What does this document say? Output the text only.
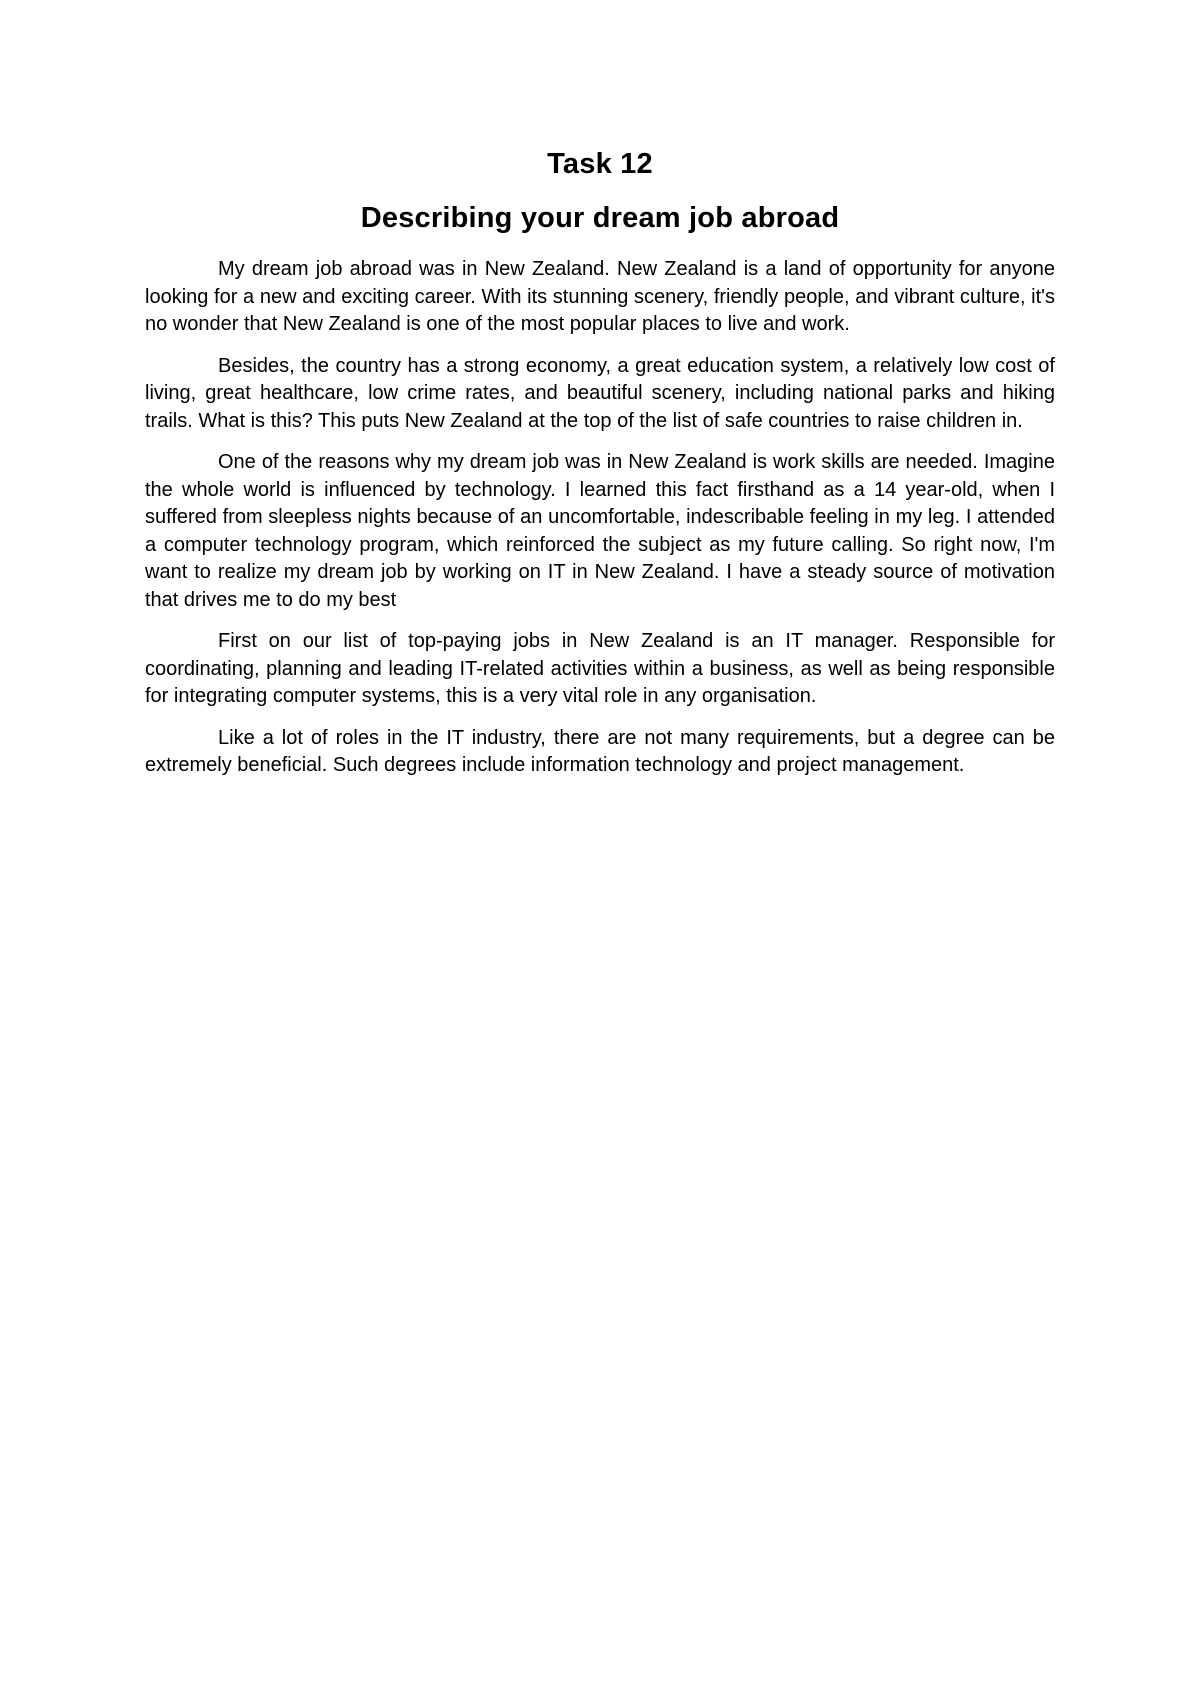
Task 12
Describing your dream job abroad

My dream job abroad was in New Zealand. New Zealand is a land of opportunity for anyone looking for a new and exciting career. With its stunning scenery, friendly people, and vibrant culture, it's no wonder that New Zealand is one of the most popular places to live and work.

Besides, the country has a strong economy, a great education system, a relatively low cost of living, great healthcare, low crime rates, and beautiful scenery, including national parks and hiking trails. What is this? This puts New Zealand at the top of the list of safe countries to raise children in.

One of the reasons why my dream job was in New Zealand is work skills are needed. Imagine the whole world is influenced by technology. I learned this fact firsthand as a 14 year-old, when I suffered from sleepless nights because of an uncomfortable, indescribable feeling in my leg. I attended a computer technology program, which reinforced the subject as my future calling. So right now, I'm want to realize my dream job by working on IT in New Zealand. I have a steady source of motivation that drives me to do my best

First on our list of top-paying jobs in New Zealand is an IT manager. Responsible for coordinating, planning and leading IT-related activities within a business, as well as being responsible for integrating computer systems, this is a very vital role in any organisation.

Like a lot of roles in the IT industry, there are not many requirements, but a degree can be extremely beneficial. Such degrees include information technology and project management.
